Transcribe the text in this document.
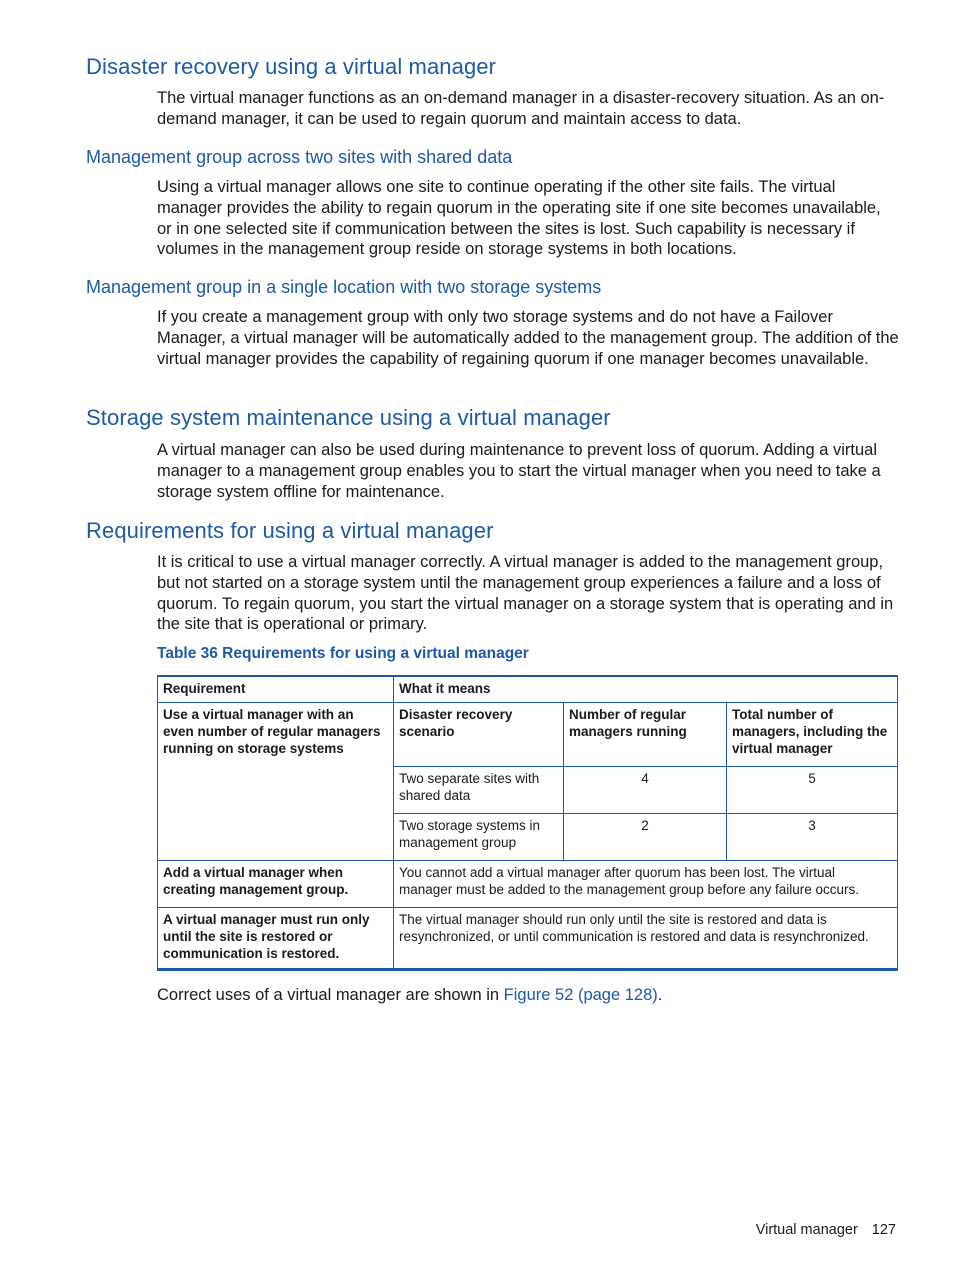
Disaster recovery using a virtual manager

The virtual manager functions as an on-demand manager in a disaster-recovery situation. As an on-demand manager, it can be used to regain quorum and maintain access to data.

Management group across two sites with shared data

Using a virtual manager allows one site to continue operating if the other site fails. The virtual manager provides the ability to regain quorum in the operating site if one site becomes unavailable, or in one selected site if communication between the sites is lost. Such capability is necessary if volumes in the management group reside on storage systems in both locations.

Management group in a single location with two storage systems

If you create a management group with only two storage systems and do not have a Failover Manager, a virtual manager will be automatically added to the management group. The addition of the virtual manager provides the capability of regaining quorum if one manager becomes unavailable.

Storage system maintenance using a virtual manager

A virtual manager can also be used during maintenance to prevent loss of quorum. Adding a virtual manager to a management group enables you to start the virtual manager when you need to take a storage system offline for maintenance.

Requirements for using a virtual manager

It is critical to use a virtual manager correctly. A virtual manager is added to the management group, but not started on a storage system until the management group experiences a failure and a loss of quorum. To regain quorum, you start the virtual manager on a storage system that is operating and in the site that is operational or primary.

Table 36 Requirements for using a virtual manager
Requirement	What it means		
Use a virtual manager with an even number of regular managers running on storage systems	Disaster recovery scenario	Number of regular managers running	Total number of managers, including the virtual manager
	Two separate sites with shared data	4	5
	Two storage systems in management group	2	3
Add a virtual manager when creating management group.	You cannot add a virtual manager after quorum has been lost. The virtual manager must be added to the management group before any failure occurs.		
A virtual manager must run only until the site is restored or communication is restored.	The virtual manager should run only until the site is restored and data is resynchronized, or until communication is restored and data is resynchronized.		

Correct uses of a virtual manager are shown in Figure 52 (page 128).

Virtual manager 127
